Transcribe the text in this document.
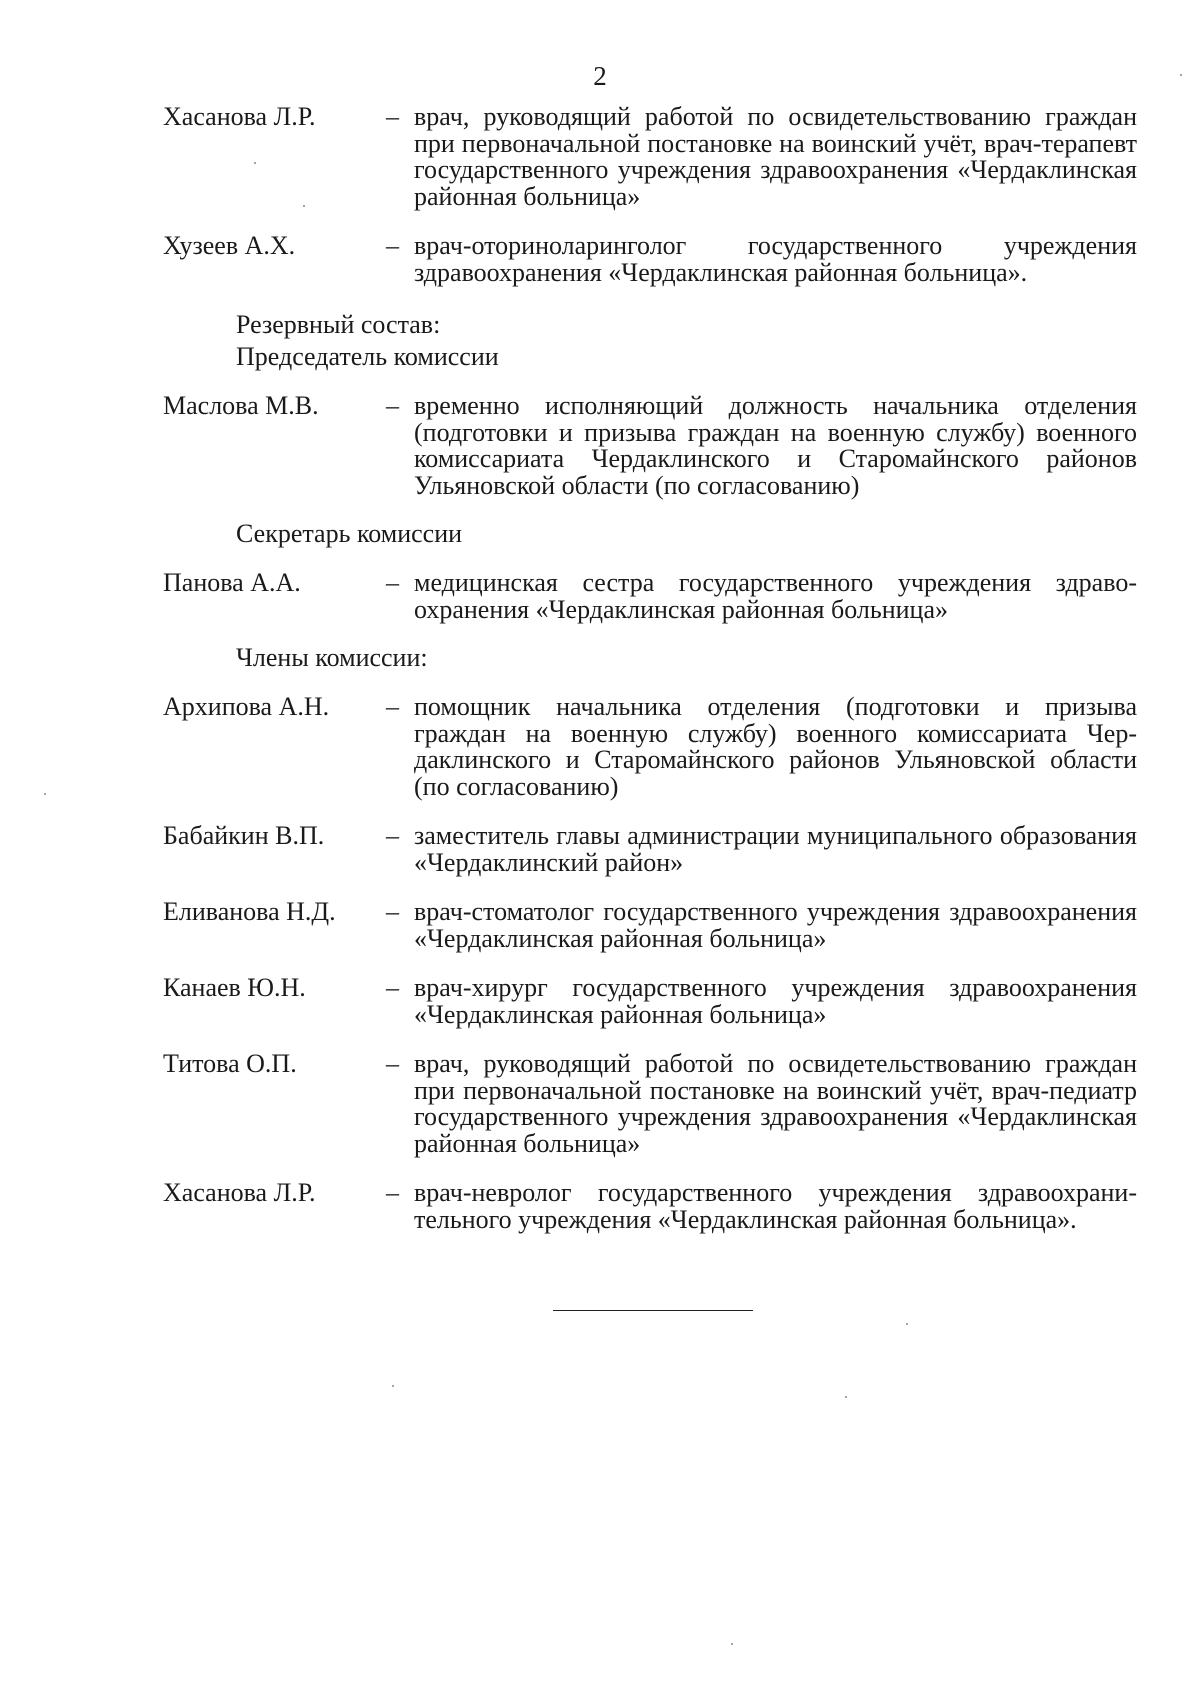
2
Хасанова Л.Р.	– врач, руководящий работой по освидетельствованию граждан при первоначальной постановке на воинский учёт, врач-терапевт государственного учреждения здравоохранения «Чердаклинская районная больница»
Хузеев А.Х.	– врач-оториноларинголог государственного учреждения здравоохранения «Чердаклинская районная больница».
Резервный состав:
Председатель комиссии
Маслова М.В.	– временно исполняющий должность начальника отделения (подготовки и призыва граждан на военную службу) военного комиссариата Чердаклинского и Старомайнского районов Ульяновской области (по согласованию)
Секретарь комиссии
Панова А.А.	– медицинская сестра государственного учреждения здравоохранения «Чердаклинская районная больница»
Члены комиссии:
Архипова А.Н.	– помощник начальника отделения (подготовки и призыва граждан на военную службу) военного комиссариата Чердаклинского и Старомайнского районов Ульяновской области (по согласованию)
Бабайкин В.П.	– заместитель главы администрации муниципального образования «Чердаклинский район»
Еливанова Н.Д.	– врач-стоматолог государственного учреждения здравоохранения «Чердаклинская районная больница»
Канаев Ю.Н.	– врач-хирург государственного учреждения здравоохранения «Чердаклинская районная больница»
Титова О.П.	– врач, руководящий работой по освидетельствованию граждан при первоначальной постановке на воинский учёт, врач-педиатр государственного учреждения здравоохранения «Чердаклинская районная больница»
Хасанова Л.Р.	– врач-невролог государственного учреждения здравоохранительного учреждения «Чердаклинская районная больница».
